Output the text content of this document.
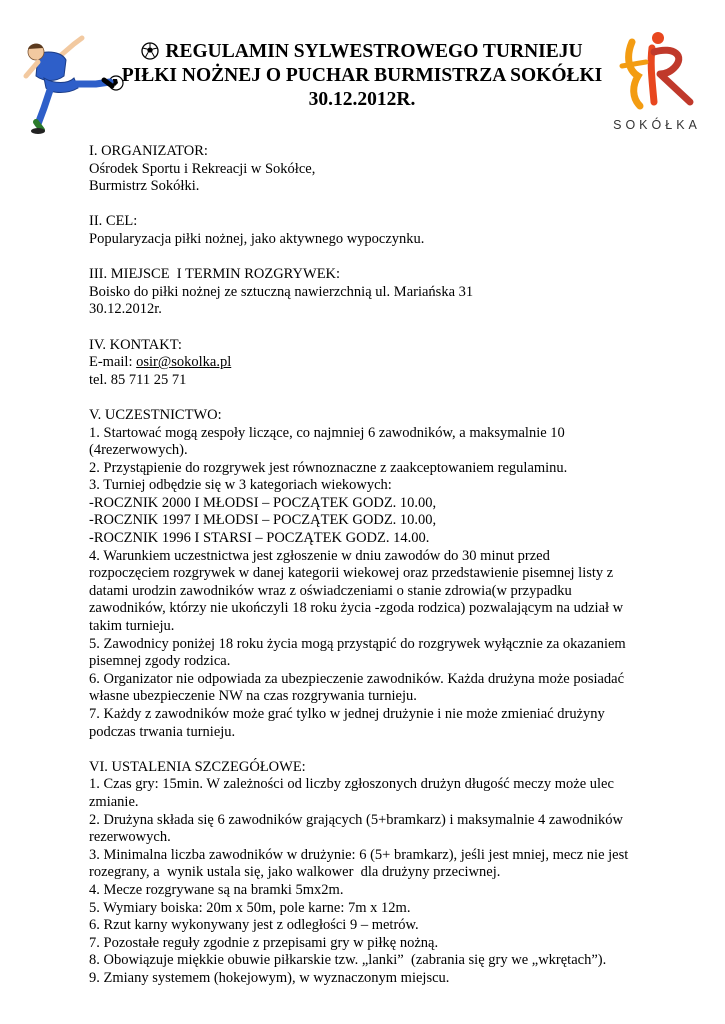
REGULAMIN SYLWESTROWEGO TURNIEJU
PIŁKI NOŻNEJ O PUCHAR BURMISTRZA SOKÓŁKI
30.12.2012R.
SOKÓŁKA
I. ORGANIZATOR:
Ośrodek Sportu i Rekreacji w Sokółce,
Burmistrz Sokółki.
II. CEL:
Popularyzacja piłki nożnej, jako aktywnego wypoczynku.
III. MIEJSCE  I TERMIN ROZGRYWEK:
Boisko do piłki nożnej ze sztuczną nawierzchnią ul. Mariańska 31
30.12.2012r.
IV. KONTAKT:
E-mail: osir@sokolka.pl
tel. 85 711 25 71
V. UCZESTNICTWO:
1. Startować mogą zespoły liczące, co najmniej 6 zawodników, a maksymalnie 10
(4rezerwowych).
2. Przystąpienie do rozgrywek jest równoznaczne z zaakceptowaniem regulaminu.
3. Turniej odbędzie się w 3 kategoriach wiekowych:
-ROCZNIK 2000 I MŁODSI – POCZĄTEK GODZ. 10.00,
-ROCZNIK 1997 I MŁODSI – POCZĄTEK GODZ. 10.00,
-ROCZNIK 1996 I STARSI – POCZĄTEK GODZ. 14.00.
4. Warunkiem uczestnictwa jest zgłoszenie w dniu zawodów do 30 minut przed
rozpoczęciem rozgrywek w danej kategorii wiekowej oraz przedstawienie pisemnej listy z
datami urodzin zawodników wraz z oświadczeniami o stanie zdrowia(w przypadku
zawodników, którzy nie ukończyli 18 roku życia -zgoda rodzica) pozwalającym na udział w
takim turnieju.
5. Zawodnicy poniżej 18 roku życia mogą przystąpić do rozgrywek wyłącznie za okazaniem
pisemnej zgody rodzica.
6. Organizator nie odpowiada za ubezpieczenie zawodników. Każda drużyna może posiadać
własne ubezpieczenie NW na czas rozgrywania turnieju.
7. Każdy z zawodników może grać tylko w jednej drużynie i nie może zmieniać drużyny
podczas trwania turnieju.
VI. USTALENIA SZCZEGÓŁOWE:
1. Czas gry: 15min. W zależności od liczby zgłoszonych drużyn długość meczy może ulec
zmianie.
2. Drużyna składa się 6 zawodników grających (5+bramkarz) i maksymalnie 4 zawodników
rezerwowych.
3. Minimalna liczba zawodników w drużynie: 6 (5+ bramkarz), jeśli jest mniej, mecz nie jest
rozegrany, a  wynik ustala się, jako walkower  dla drużyny przeciwnej.
4. Mecze rozgrywane są na bramki 5mx2m.
5. Wymiary boiska: 20m x 50m, pole karne: 7m x 12m.
6. Rzut karny wykonywany jest z odległości 9 – metrów.
7. Pozostałe reguły zgodnie z przepisami gry w piłkę nożną.
8. Obowiązuje miękkie obuwie piłkarskie tzw. „lanki”  (zabrania się gry we „wkrętach”).
9. Zmiany systemem (hokejowym), w wyznaczonym miejscu.
